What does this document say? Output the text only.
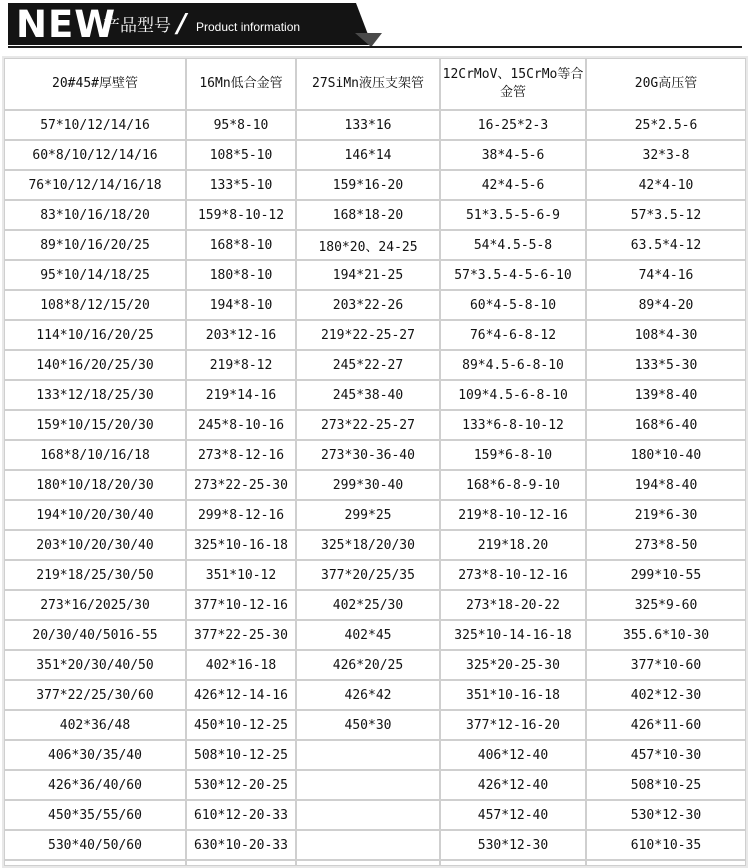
NEW
产品型号 / Product information
20#45#厚壁管	16Mn低合金管	27SiMn液压支架管	12CrMoV、15CrMo等合金管	20G高压管
57*10/12/14/16	95*8-10	133*16	16-25*2-3	25*2.5-6
60*8/10/12/14/16	108*5-10	146*14	38*4-5-6	32*3-8
76*10/12/14/16/18	133*5-10	159*16-20	42*4-5-6	42*4-10
83*10/16/18/20	159*8-10-12	168*18-20	51*3.5-5-6-9	57*3.5-12
89*10/16/20/25	168*8-10	180*20、24-25	54*4.5-5-8	63.5*4-12
95*10/14/18/25	180*8-10	194*21-25	57*3.5-4-5-6-10	74*4-16
108*8/12/15/20	194*8-10	203*22-26	60*4-5-8-10	89*4-20
114*10/16/20/25	203*12-16	219*22-25-27	76*4-6-8-12	108*4-30
140*16/20/25/30	219*8-12	245*22-27	89*4.5-6-8-10	133*5-30
133*12/18/25/30	219*14-16	245*38-40	109*4.5-6-8-10	139*8-40
159*10/15/20/30	245*8-10-16	273*22-25-27	133*6-8-10-12	168*6-40
168*8/10/16/18	273*8-12-16	273*30-36-40	159*6-8-10	180*10-40
180*10/18/20/30	273*22-25-30	299*30-40	168*6-8-9-10	194*8-40
194*10/20/30/40	299*8-12-16	299*25	219*8-10-12-16	219*6-30
203*10/20/30/40	325*10-16-18	325*18/20/30	219*18.20	273*8-50
219*18/25/30/50	351*10-12	377*20/25/35	273*8-10-12-16	299*10-55
273*16/2025/30	377*10-12-16	402*25/30	273*18-20-22	325*9-60
20/30/40/5016-55	377*22-25-30	402*45	325*10-14-16-18	355.6*10-30
351*20/30/40/50	402*16-18	426*20/25	325*20-25-30	377*10-60
377*22/25/30/60	426*12-14-16	426*42	351*10-16-18	402*12-30
402*36/48	450*10-12-25	450*30	377*12-16-20	426*11-60
406*30/35/40	508*10-12-25		406*12-40	457*10-30
426*36/40/60	530*12-20-25		426*12-40	508*10-25
450*35/55/60	610*12-20-33		457*12-40	530*12-30
530*40/50/60	630*10-20-33		530*12-30	610*10-35
